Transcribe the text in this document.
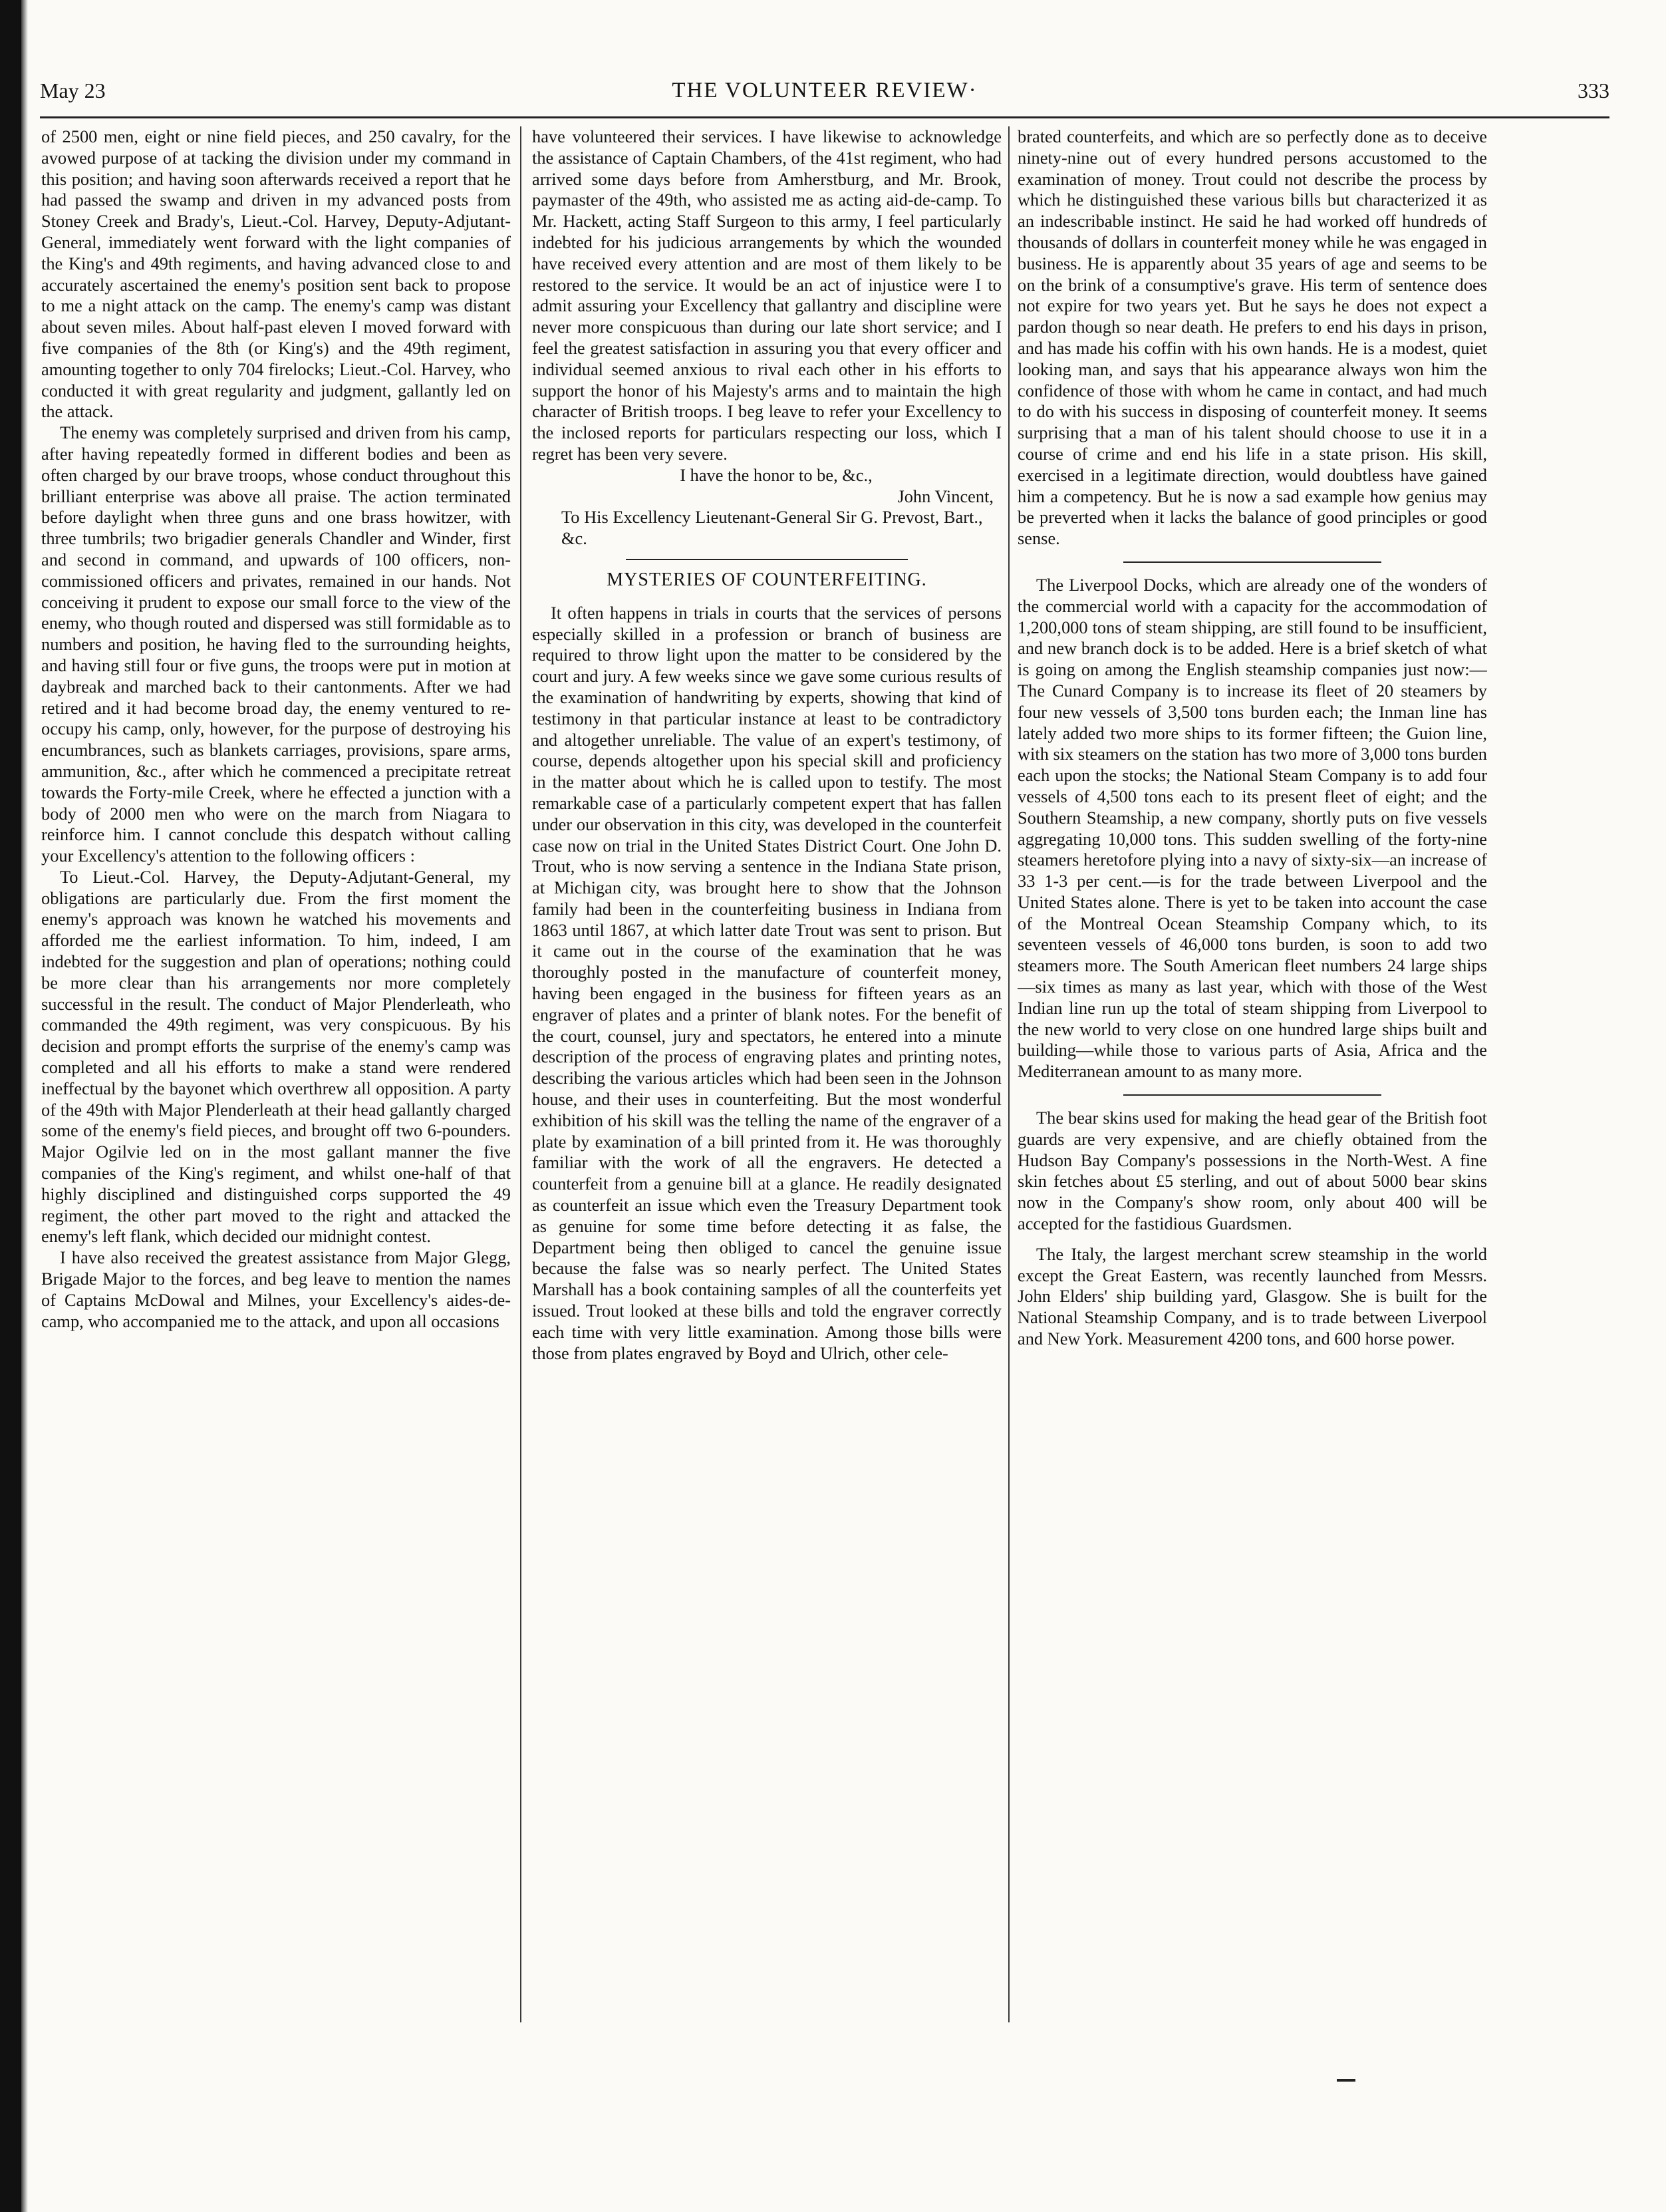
May 23	THE VOLUNTEER REVIEW·	333

of 2500 men, eight or nine field pieces, and 250 cavalry, for the avowed purpose of at tacking the division under my command in this position; and having soon afterwards received a report that he had passed the swamp and driven in my advanced posts from Stoney Creek and Brady's, Lieut.-Col. Harvey, Deputy-Adjutant-General, immediately went forward with the light companies of the King's and 49th regiments, and having advanced close to and accurately ascertained the enemy's position sent back to propose to me a night attack on the camp. The enemy's camp was distant about seven miles. About half-past eleven I moved forward with five companies of the 8th (or King's) and the 49th regiment, amounting together to only 704 firelocks; Lieut.-Col. Harvey, who conducted it with great regularity and judgment, gallantly led on the attack.

The enemy was completely surprised and driven from his camp, after having repeatedly formed in different bodies and been as often charged by our brave troops, whose conduct throughout this brilliant enterprise was above all praise. The action terminated before daylight when three guns and one brass howitzer, with three tumbrils; two brigadier generals Chandler and Winder, first and second in command, and upwards of 100 officers, non-commissioned officers and privates, remained in our hands. Not conceiving it prudent to expose our small force to the view of the enemy, who though routed and dispersed was still formidable as to numbers and position, he having fled to the surrounding heights, and having still four or five guns, the troops were put in motion at daybreak and marched back to their cantonments. After we had retired and it had become broad day, the enemy ventured to re-occupy his camp, only, however, for the purpose of destroying his encumbrances, such as blankets carriages, provisions, spare arms, ammunition, &c., after which he commenced a precipitate retreat towards the Forty-mile Creek, where he effected a junction with a body of 2000 men who were on the march from Niagara to reinforce him. I cannot conclude this despatch without calling your Excellency's attention to the following officers :

To Lieut.-Col. Harvey, the Deputy-Adjutant-General, my obligations are particularly due. From the first moment the enemy's approach was known he watched his movements and afforded me the earliest information. To him, indeed, I am indebted for the suggestion and plan of operations; nothing could be more clear than his arrangements nor more completely successful in the result. The conduct of Major Plenderleath, who commanded the 49th regiment, was very conspicuous. By his decision and prompt efforts the surprise of the enemy's camp was completed and all his efforts to make a stand were rendered ineffectual by the bayonet which overthrew all opposition. A party of the 49th with Major Plenderleath at their head gallantly charged some of the enemy's field pieces, and brought off two 6-pounders. Major Ogilvie led on in the most gallant manner the five companies of the King's regiment, and whilst one-half of that highly disciplined and distinguished corps supported the 49 regiment, the other part moved to the right and attacked the enemy's left flank, which decided our midnight contest.

I have also received the greatest assistance from Major Glegg, Brigade Major to the forces, and beg leave to mention the names of Captains McDowal and Milnes, your Excellency's aides-de-camp, who accompanied me to the attack, and upon all occasions

have volunteered their services. I have likewise to acknowledge the assistance of Captain Chambers, of the 41st regiment, who had arrived some days before from Amherstburg, and Mr. Brook, paymaster of the 49th, who assisted me as acting aid-de-camp. To Mr. Hackett, acting Staff Surgeon to this army, I feel particularly indebted for his judicious arrangements by which the wounded have received every attention and are most of them likely to be restored to the service. It would be an act of injustice were I to admit assuring your Excellency that gallantry and discipline were never more conspicuous than during our late short service; and I feel the greatest satisfaction in assuring you that every officer and individual seemed anxious to rival each other in his efforts to support the honor of his Majesty's arms and to maintain the high character of British troops. I beg leave to refer your Excellency to the inclosed reports for particulars respecting our loss, which I regret has been very severe.

I have the honor to be, &c.,

John Vincent,

To His Excellency Lieutenant-General Sir G. Prevost, Bart., &c.

MYSTERIES OF COUNTERFEITING.

It often happens in trials in courts that the services of persons especially skilled in a profession or branch of business are required to throw light upon the matter to be considered by the court and jury. A few weeks since we gave some curious results of the examination of handwriting by experts, showing that kind of testimony in that particular instance at least to be contradictory and altogether unreliable. The value of an expert's testimony, of course, depends altogether upon his special skill and proficiency in the matter about which he is called upon to testify. The most remarkable case of a particularly competent expert that has fallen under our observation in this city, was developed in the counterfeit case now on trial in the United States District Court. One John D. Trout, who is now serving a sentence in the Indiana State prison, at Michigan city, was brought here to show that the Johnson family had been in the counterfeiting business in Indiana from 1863 until 1867, at which latter date Trout was sent to prison. But it came out in the course of the examination that he was thoroughly posted in the manufacture of counterfeit money, having been engaged in the business for fifteen years as an engraver of plates and a printer of blank notes. For the benefit of the court, counsel, jury and spectators, he entered into a minute description of the process of engraving plates and printing notes, describing the various articles which had been seen in the Johnson house, and their uses in counterfeiting. But the most wonderful exhibition of his skill was the telling the name of the engraver of a plate by examination of a bill printed from it. He was thoroughly familiar with the work of all the engravers. He detected a counterfeit from a genuine bill at a glance. He readily designated as counterfeit an issue which even the Treasury Department took as genuine for some time before detecting it as false, the Department being then obliged to cancel the genuine issue because the false was so nearly perfect. The United States Marshall has a book containing samples of all the counterfeits yet issued. Trout looked at these bills and told the engraver correctly each time with very little examination. Among those bills were those from plates engraved by Boyd and Ulrich, other cele-

brated counterfeits, and which are so perfectly done as to deceive ninety-nine out of every hundred persons accustomed to the examination of money. Trout could not describe the process by which he distinguished these various bills but characterized it as an indescribable instinct. He said he had worked off hundreds of thousands of dollars in counterfeit money while he was engaged in business. He is apparently about 35 years of age and seems to be on the brink of a consumptive's grave. His term of sentence does not expire for two years yet. But he says he does not expect a pardon though so near death. He prefers to end his days in prison, and has made his coffin with his own hands. He is a modest, quiet looking man, and says that his appearance always won him the confidence of those with whom he came in contact, and had much to do with his success in disposing of counterfeit money. It seems surprising that a man of his talent should choose to use it in a course of crime and end his life in a state prison. His skill, exercised in a legitimate direction, would doubtless have gained him a competency. But he is now a sad example how genius may be preverted when it lacks the balance of good principles or good sense.

The Liverpool Docks, which are already one of the wonders of the commercial world with a capacity for the accommodation of 1,200,000 tons of steam shipping, are still found to be insufficient, and new branch dock is to be added. Here is a brief sketch of what is going on among the English steamship companies just now:—The Cunard Company is to increase its fleet of 20 steamers by four new vessels of 3,500 tons burden each; the Inman line has lately added two more ships to its former fifteen; the Guion line, with six steamers on the station has two more of 3,000 tons burden each upon the stocks; the National Steam Company is to add four vessels of 4,500 tons each to its present fleet of eight; and the Southern Steamship, a new company, shortly puts on five vessels aggregating 10,000 tons. This sudden swelling of the forty-nine steamers heretofore plying into a navy of sixty-six—an increase of 33 1-3 per cent.—is for the trade between Liverpool and the United States alone. There is yet to be taken into account the case of the Montreal Ocean Steamship Company which, to its seventeen vessels of 46,000 tons burden, is soon to add two steamers more. The South American fleet numbers 24 large ships—six times as many as last year, which with those of the West Indian line run up the total of steam shipping from Liverpool to the new world to very close on one hundred large ships built and building—while those to various parts of Asia, Africa and the Mediterranean amount to as many more.

The bear skins used for making the head gear of the British foot guards are very expensive, and are chiefly obtained from the Hudson Bay Company's possessions in the North-West. A fine skin fetches about £5 sterling, and out of about 5000 bear skins now in the Company's show room, only about 400 will be accepted for the fastidious Guardsmen.

The Italy, the largest merchant screw steamship in the world except the Great Eastern, was recently launched from Messrs. John Elders' ship building yard, Glasgow. She is built for the National Steamship Company, and is to trade between Liverpool and New York. Measurement 4200 tons, and 600 horse power.
